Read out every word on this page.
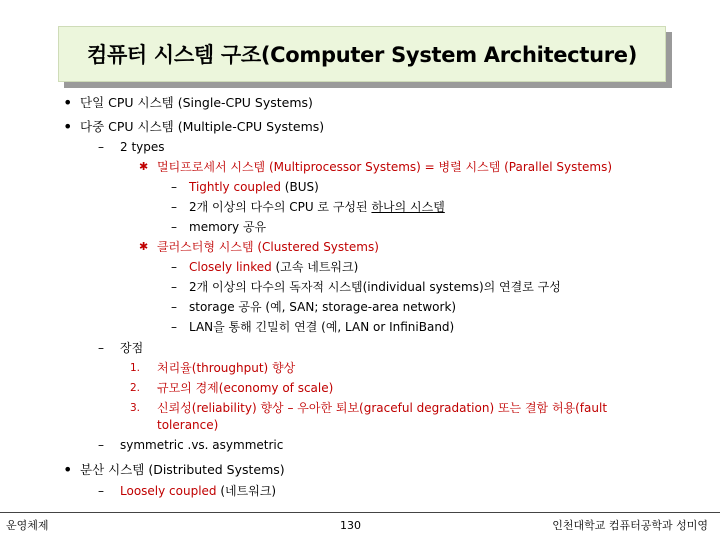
컴퓨터 시스템 구조(Computer System Architecture)
• 단일 CPU 시스템 (Single-CPU Systems)
• 다중 CPU 시스템 (Multiple-CPU Systems)
– 2 types
✱ 멀티프로세서 시스템 (Multiprocessor Systems) = 병렬 시스템 (Parallel Systems)
– Tightly coupled (BUS)
– 2개 이상의 다수의 CPU 로 구성된 하나의 시스템
– memory 공유
✱ 클러스터형 시스템 (Clustered Systems)
– Closely linked (고속 네트워크)
– 2개 이상의 다수의 독자적 시스템(individual systems)의 연결로 구성
– storage 공유 (예, SAN; storage-area network)
– LAN을 통해 긴밀히 연결 (예, LAN or InfiniBand)
– 장점
1. 처리율(throughput) 향상
2. 규모의 경제(economy of scale)
3. 신뢰성(reliability) 향상 – 우아한 퇴보(graceful degradation) 또는 결함 허용(fault
tolerance)
– symmetric .vs. asymmetric
• 분산 시스템 (Distributed Systems)
– Loosely coupled (네트워크)
운영체제	130	인천대학교 컴퓨터공학과 성미영
